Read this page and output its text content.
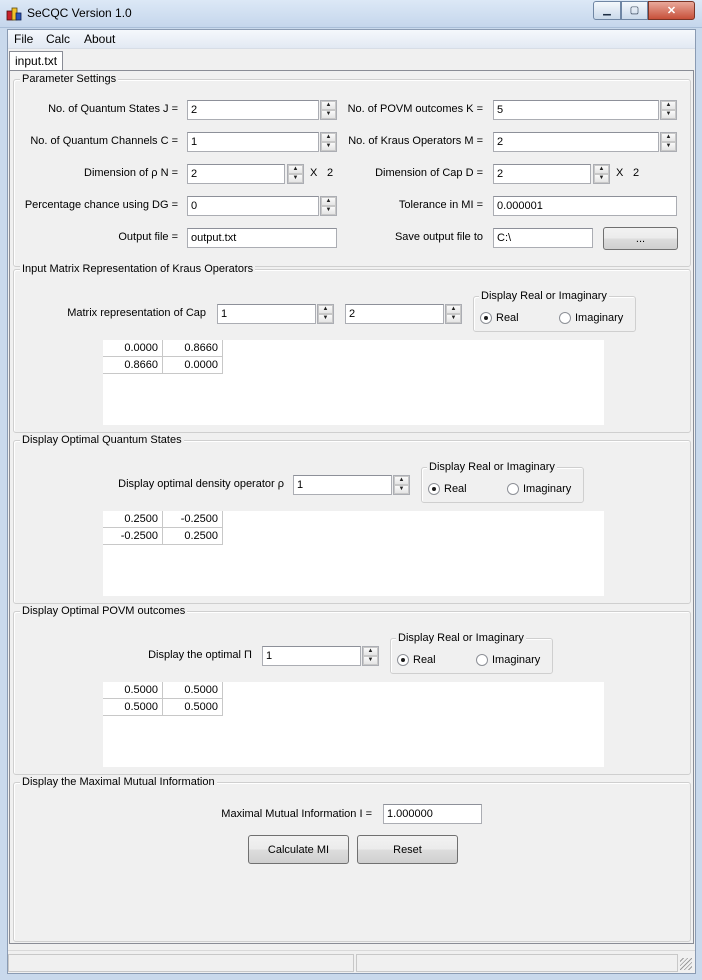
SeCQC Version 1.0	▁ ▢	✕
File Calc About
input.txt
Parameter Settings
No. of Quantum States J =
2	▲
▼	No. of POVM outcomes K =
5	▲
▼
No. of Quantum Channels C =
1	▲
▼	No. of Kraus Operators M =
2	▲
▼
Dimension of ρ N =
2	▲
▼	X 2	Dimension of Cap D =
2	▲
▼	X 2
Percentage chance using DG =
0	▲
▼	Tolerance in MI =
0.000001
Output file =
output.txt	Save output file to
C:\	...
Input Matrix Representation of Kraus Operators
Matrix representation of Cap
1	▲
▼
2
▲
▼
Display Real or Imaginary
Real	Imaginary
0.0000	0.8660
0.8660	0.0000
Display Optimal Quantum States
Display optimal density operator ρ
1	▲
▼
Display Real or Imaginary
Real	Imaginary
0.2500	-0.2500
-0.2500	0.2500
Display Optimal POVM outcomes
Display the optimal Π
1	▲
▼
Display Real or Imaginary
Real	Imaginary
0.5000	0.5000
0.5000	0.5000
Display the Maximal Mutual Information
Maximal Mutual Information I =
1.000000
Calculate MI	Reset
